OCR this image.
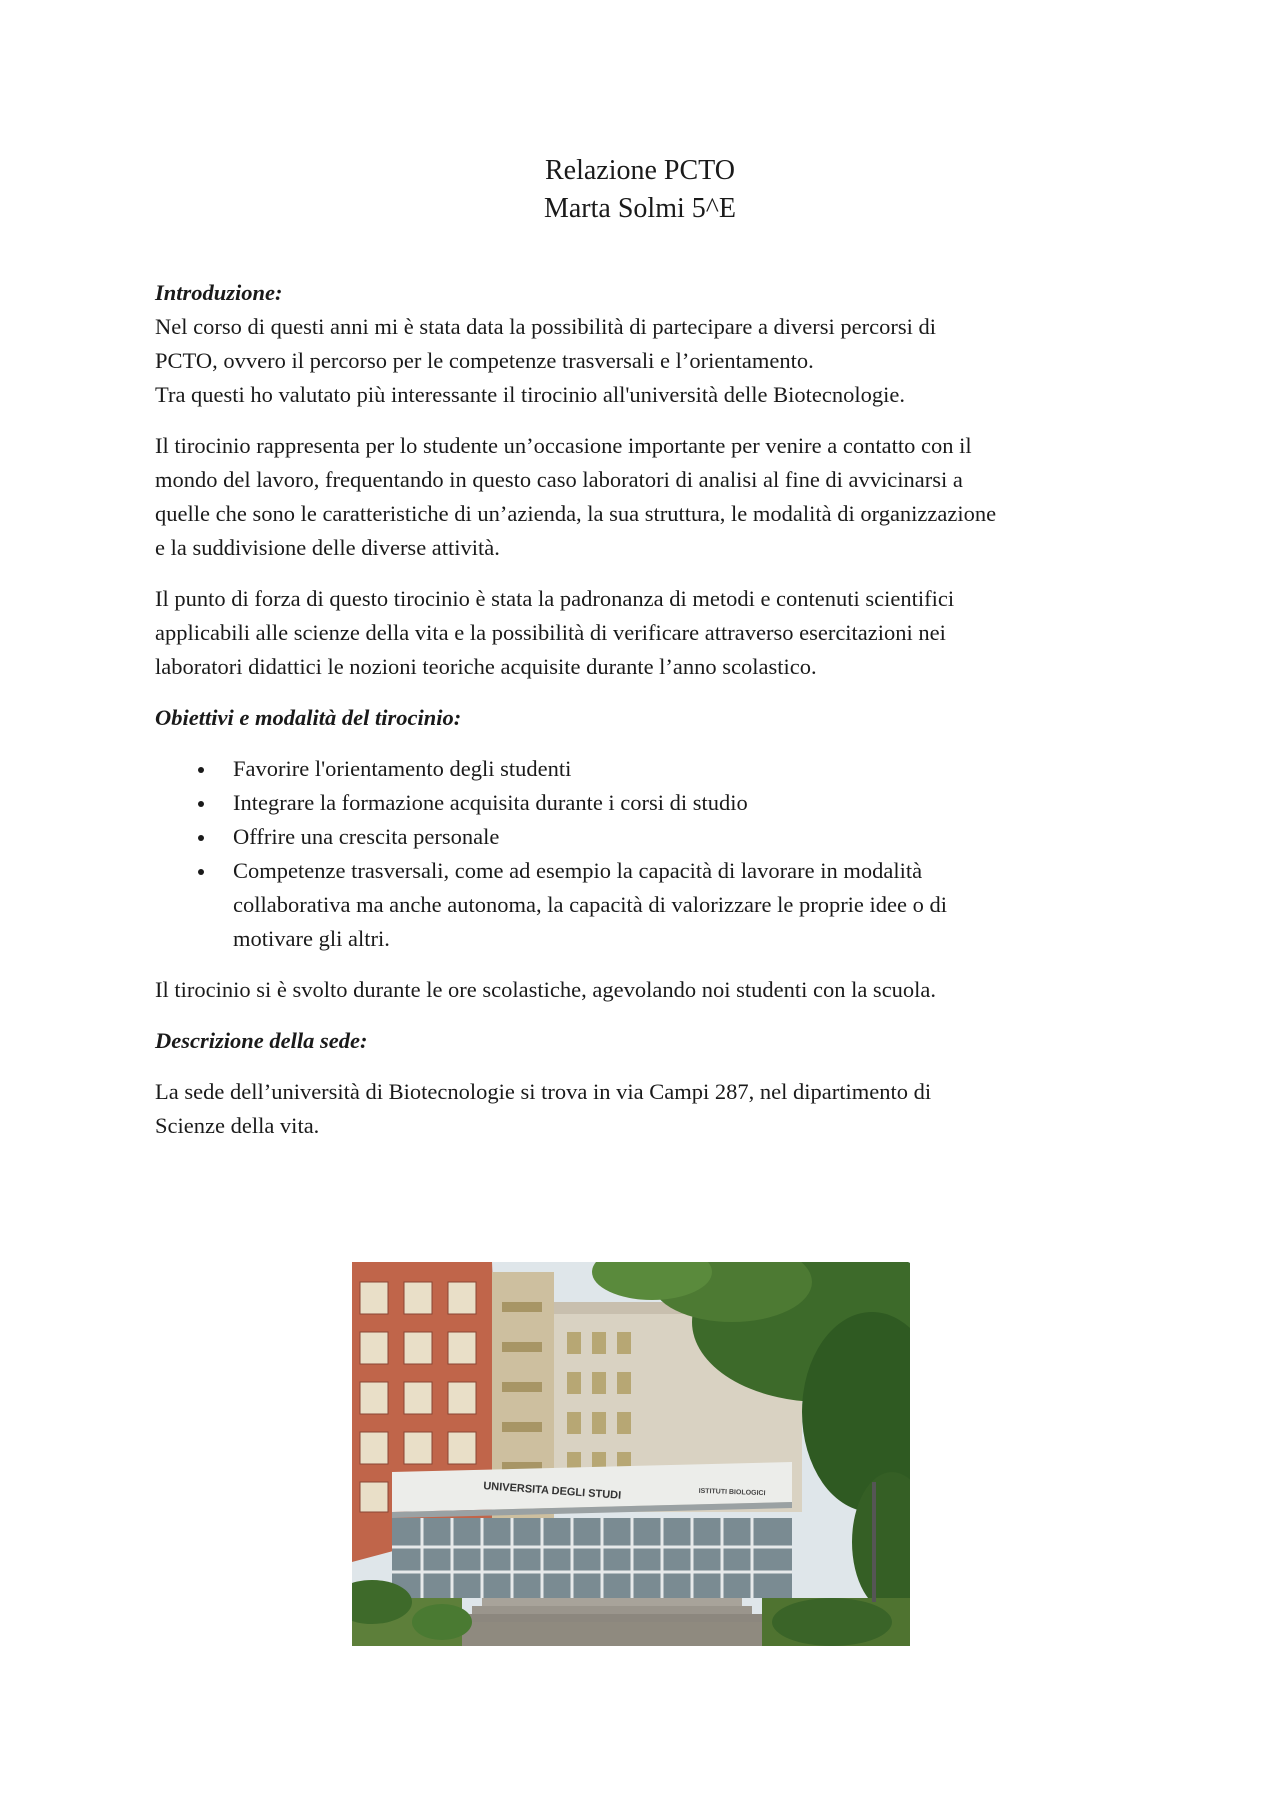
Relazione PCTO
Marta Solmi 5^E

Introduzione:

Nel corso di questi anni mi è stata data la possibilità di partecipare a diversi percorsi di

PCTO, ovvero il percorso per le competenze trasversali e l’orientamento.

Tra questi ho valutato più interessante il tirocinio all'università delle Biotecnologie.

Il tirocinio rappresenta per lo studente un’occasione importante per venire a contatto con il

mondo del lavoro, frequentando in questo caso laboratori di analisi al fine di avvicinarsi a

quelle che sono le caratteristiche di un’azienda, la sua struttura, le modalità di organizzazione

e la suddivisione delle diverse attività.

Il punto di forza di questo tirocinio è stata la padronanza di metodi e contenuti scientifici

applicabili alle scienze della vita e la possibilità di verificare attraverso esercitazioni nei

laboratori didattici le nozioni teoriche acquisite durante l’anno scolastico.

Obiettivi e modalità del tirocinio:

Favorire l'orientamento degli studenti
Integrare la formazione acquisita durante i corsi di studio
Offrire una crescita personale
Competenze trasversali, come ad esempio la capacità di lavorare in modalità
collaborativa ma anche autonoma, la capacità di valorizzare le proprie idee o di
motivare gli altri.

Il tirocinio si è svolto durante le ore scolastiche, agevolando noi studenti con la scuola.

Descrizione della sede:

La sede dell’università di Biotecnologie si trova in via Campi 287, nel dipartimento di

Scienze della vita.

UNIVERSITA DEGLI STUDI	ISTITUTI BIOLOGICI
